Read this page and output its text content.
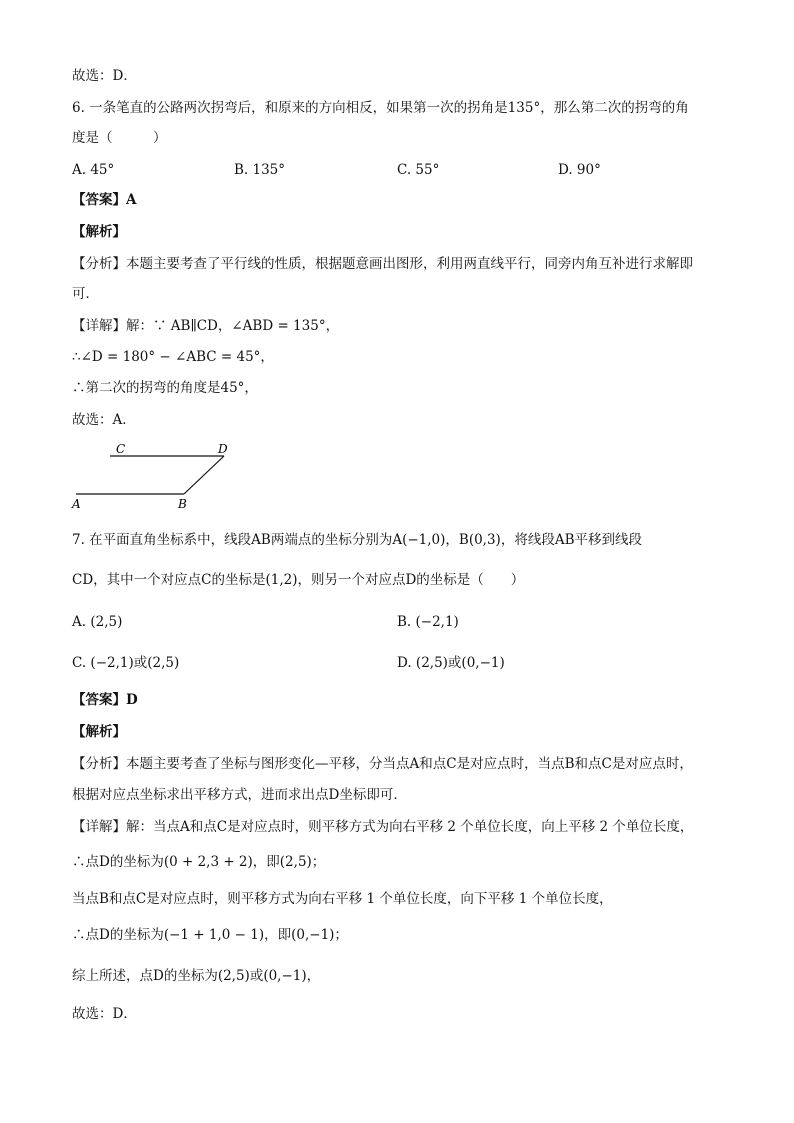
故选：D．

6. 一条笔直的公路两次拐弯后，和原来的方向相反，如果第一次的拐角是135°，那么第二次的拐弯的角

度是（　　　）

A. 45°	B. 135°	C. 55°	D. 90°

【答案】A

【解析】

【分析】本题主要考查了平行线的性质，根据题意画出图形，利用两直线平行，同旁内角互补进行求解即

可．

【详解】解：∵ AB∥CD，∠ABD = 135°，

∴∠D = 180° − ∠ABC = 45°，

∴第二次的拐弯的角度是45°，

故选：A．

C	D
A	B

7. 在平面直角坐标系中，线段AB两端点的坐标分别为A(−1,0)，B(0,3)，将线段AB平移到线段

CD，其中一个对应点C的坐标是(1,2)，则另一个对应点D的坐标是（　　）

A. (2,5)	B. (−2,1)
C. (−2,1)或(2,5)	D. (2,5)或(0,−1)

【答案】D

【解析】

【分析】本题主要考查了坐标与图形变化—平移，分当点A和点C是对应点时，当点B和点C是对应点时，

根据对应点坐标求出平移方式，进而求出点D坐标即可．

【详解】解：当点A和点C是对应点时，则平移方式为向右平移 2 个单位长度，向上平移 2 个单位长度，

∴点D的坐标为(0 + 2,3 + 2)，即(2,5)；

当点B和点C是对应点时，则平移方式为向右平移 1 个单位长度，向下平移 1 个单位长度，

∴点D的坐标为(−1 + 1,0 − 1)，即(0,−1)；

综上所述，点D的坐标为(2,5)或(0,−1)，

故选：D．
